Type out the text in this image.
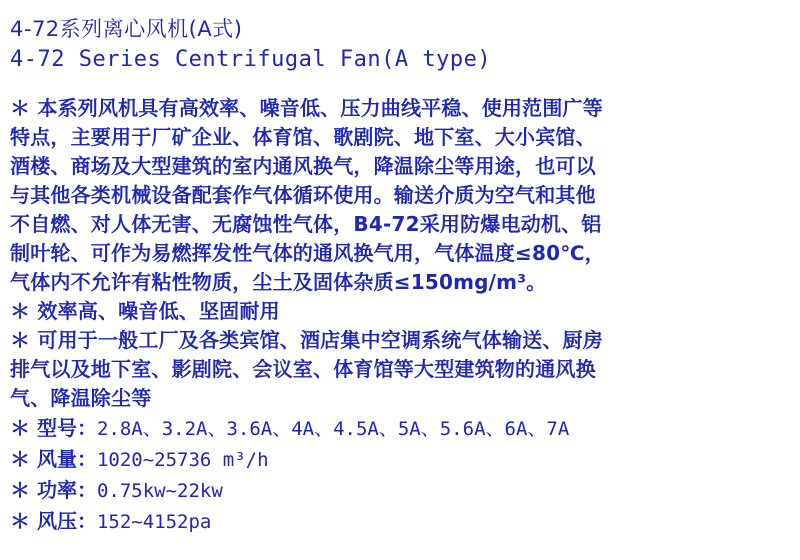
4-72系列离心风机(A式)
4-72 Series Centrifugal Fan(A type)
＊ 本系列风机具有高效率、噪音低、压力曲线平稳、使用范围广等
特点，主要用于厂矿企业、体育馆、歌剧院、地下室、大小宾馆、
酒楼、商场及大型建筑的室内通风换气，降温除尘等用途，也可以
与其他各类机械设备配套作气体循环使用。输送介质为空气和其他
不自燃、对人体无害、无腐蚀性气体，B4-72采用防爆电动机、铝
制叶轮、可作为易燃挥发性气体的通风换气用，气体温度≤80℃，
气体内不允许有粘性物质，尘土及固体杂质≤150mg/m³。
＊ 效率高、噪音低、坚固耐用
＊ 可用于一般工厂及各类宾馆、酒店集中空调系统气体输送、厨房
排气以及地下室、影剧院、会议室、体育馆等大型建筑物的通风换
气、降温除尘等
＊ 型号：2.8A、3.2A、3.6A、4A、4.5A、5A、5.6A、6A、7A
＊ 风量：1020~25736 m³/h
＊ 功率：0.75kw~22kw
＊ 风压：152~4152pa
